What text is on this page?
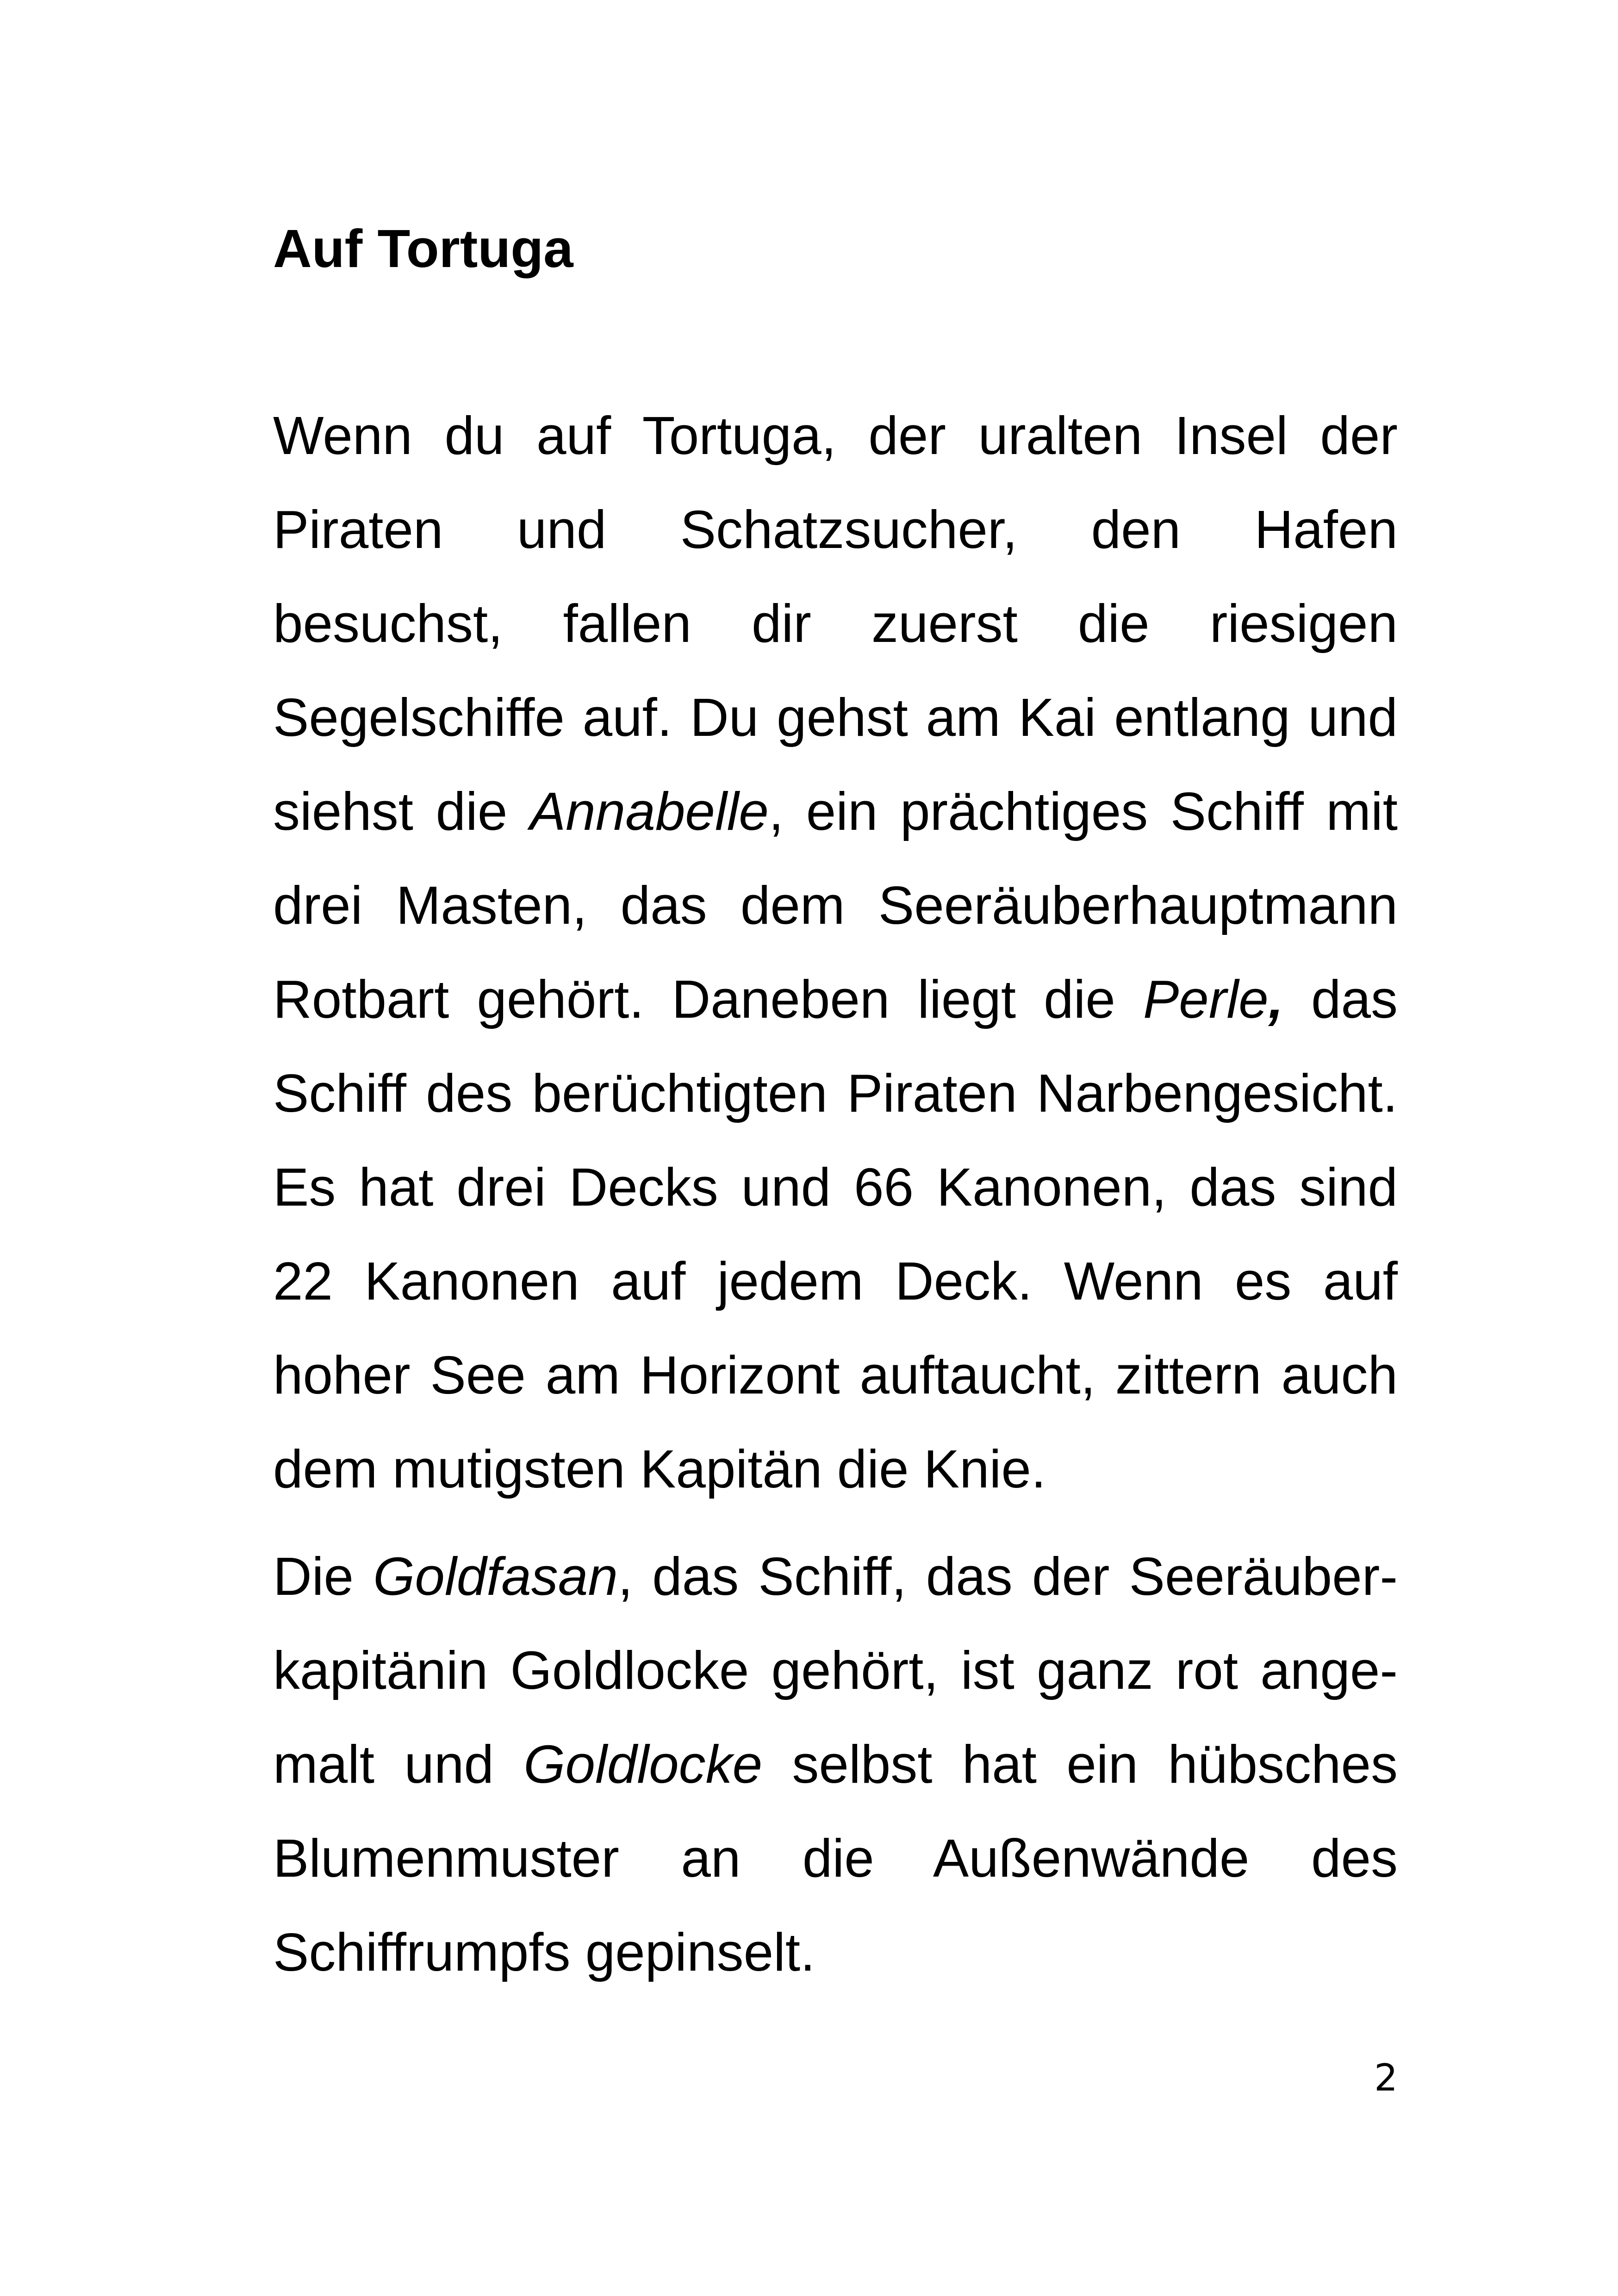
Auf Tortuga

Wenn du auf Tortuga, der uralten Insel der Piraten und Schatzsucher, den Hafen besuchst, fallen dir zuerst die riesigen Segelschiffe auf. Du gehst am Kai entlang und siehst die Annabelle, ein prächtiges Schiff mit drei Masten, das dem Seeräuberhauptmann Rotbart gehört. Daneben liegt die Perle, das Schiff des berüchtigten Piraten Narbengesicht. Es hat drei Decks und 66 Kanonen, das sind 22 Kanonen auf jedem Deck. Wenn es auf hoher See am Horizont auftaucht, zittern auch dem mutigsten Kapitän die Knie.

Die Goldfasan, das Schiff, das der Seeräuberkapitänin Goldlocke gehört, ist ganz rot angemalt und Goldlocke selbst hat ein hübsches Blumenmuster an die Außenwände des Schiffrumpfs gepinselt.

2
